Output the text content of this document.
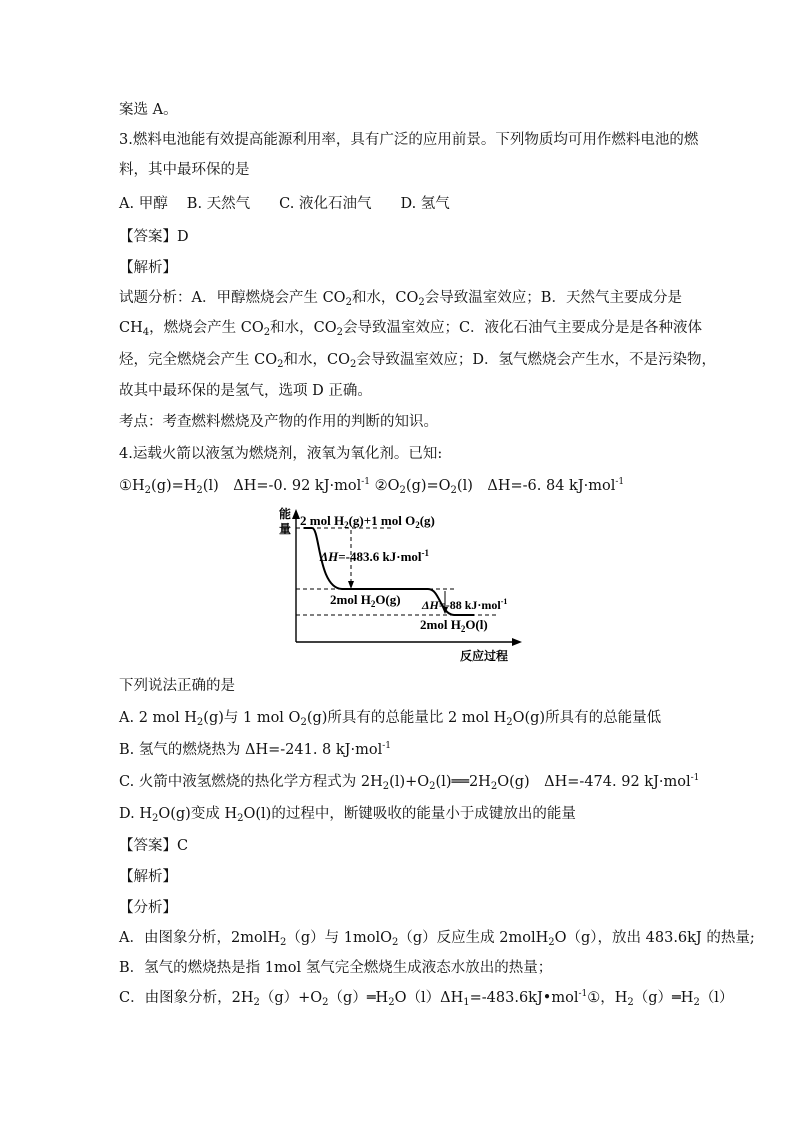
案选 A。
3.燃料电池能有效提高能源利用率，具有广泛的应用前景。下列物质均可用作燃料电池的燃
料，其中最环保的是
A. 甲醇　 B. 天然气　　C. 液化石油气　　D. 氢气
【答案】D
【解析】
试题分析：A．甲醇燃烧会产生 $CO_2$和水，$CO_2$会导致温室效应；B．天然气主要成分是
$CH_4$，燃烧会产生 $CO_2$和水，$CO_2$会导致温室效应；C．液化石油气主要成分是是各种液体
烃，完全燃烧会产生 $CO_2$和水，$CO_2$会导致温室效应；D．氢气燃烧会产生水，不是污染物，
故其中最环保的是氢气，选项 D 正确。
考点：考查燃料燃烧及产物的作用的判断的知识。
4.运载火箭以液氢为燃烧剂，液氧为氧化剂。已知:
$①H_2(g)=H_2(l)$　ΔH=-0. 92 kJ·mol$^{-1}$ $②O_2(g)=O_2(l)$　ΔH=-6. 84 kJ·mol$^{-1}$
能
量
2 mol $H_2(g)+1$ mol $O_2(g)$
ΔH=-483.6 kJ·mol$^{-1}$
2mol $H_2O(g)$ ΔH=-88 kJ·mol$^{-1}$
2mol $H_2O(l)$
反应过程
下列说法正确的是
A. 2 mol $H_2(g)$与 1 mol $O_2(g)$所具有的总能量比 2 mol $H_2O(g)$所具有的总能量低
B. 氢气的燃烧热为 ΔH=-241. 8 kJ·mol$^{-1}$
C. 火箭中液氢燃烧的热化学方程式为 $2H_2(l)+O_2(l)══2H_2O(g)$　ΔH=-474. 92 kJ·mol$^{-1}$
D. $H_2O(g)$变成 $H_2O(l)$的过程中，断键吸收的能量小于成键放出的能量
【答案】C
【解析】
【分析】
A．由图象分析，2molH$_2$（g）与 1molO$_2$（g）反应生成 2molH$_2$O（g），放出 483.6kJ 的热量;
B．氢气的燃烧热是指 1mol 氢气完全燃烧生成液态水放出的热量；
C．由图象分析，$2H_2(g)+O_2(g)═H_2O(l)\Delta H_1=-483.6kJ•mol^{-1}①$，$H_2(g)═H_2(l)$
